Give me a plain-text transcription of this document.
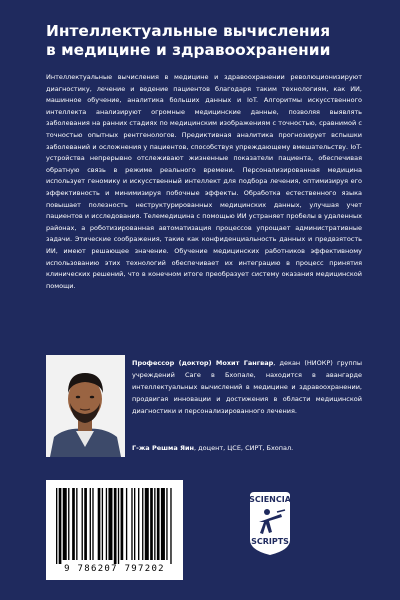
Интеллектуальные вычисления
в медицине и здравоохранении
Интеллектуальные вычисления в медицине и здравоохранении революционизируют диагностику, лечение и ведение пациентов благодаря таким технологиям, как ИИ, машинное обучение, аналитика больших данных и IoT. Алгоритмы искусственного интеллекта анализируют огромные медицинские данные, позволяя выявлять заболевания на ранних стадиях по медицинским изображениям с точностью, сравнимой с точностью опытных рентгенологов. Предиктивная аналитика прогнозирует вспышки заболеваний и осложнения у пациентов, способствуя упреждающему вмешательству. IoT-устройства непрерывно отслеживают жизненные показатели пациента, обеспечивая обратную связь в режиме реального времени. Персонализированная медицина использует геномику и искусственный интеллект для подбора лечения, оптимизируя его эффективность и минимизируя побочные эффекты. Обработка естественного языка повышает полезность неструктурированных медицинских данных, улучшая учет пациентов и исследования. Телемедицина с помощью ИИ устраняет пробелы в удаленных районах, а роботизированная автоматизация процессов упрощает административные задачи. Этические соображения, такие как конфиденциальность данных и предвзятость ИИ, имеют решающее значение. Обучение медицинских работников эффективному использованию этих технологий обеспечивает их интеграцию в процесс принятия клинических решений, что в конечном итоге преобразует систему оказания медицинской помощи.
Профессор (доктор) Мохит Гангвар, декан (НИОКР) группы учреждений Саге в Бхопале, находится в авангарде интеллектуальных вычислений в медицине и здравоохранении, продвигая инновации и достижения в области медицинской диагностики и персонализированного лечения.
Г-жа Решма Яин, доцент, ЦСЕ, СИРТ, Бхопал.
9 786207 797202
SCIENCIA
SCRIPTS
